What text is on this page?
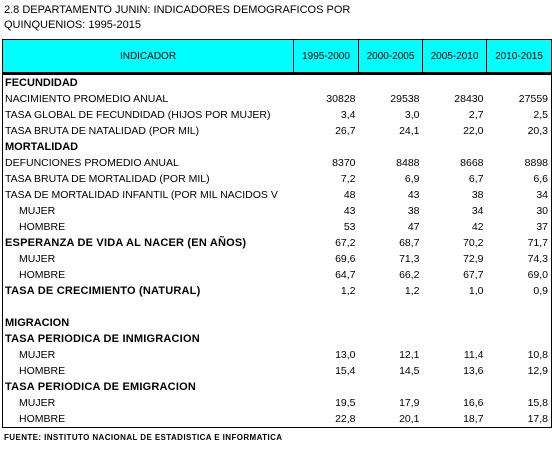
2.8 DEPARTAMENTO JUNIN: INDICADORES DEMOGRAFICOS POR
QUINQUENIOS: 1995-2015
INDICADOR	1995-2000	2000-2005	2005-2010	2010-2015
FECUNDIDAD				
NACIMIENTO PROMEDIO ANUAL	30828	29538	28430	27559
TASA GLOBAL DE FECUNDIDAD (HIJOS POR MUJER)	3,4	3,0	2,7	2,5
TASA BRUTA DE NATALIDAD (POR MIL)	26,7	24,1	22,0	20,3
MORTALIDAD				
DEFUNCIONES PROMEDIO ANUAL	8370	8488	8668	8898
TASA BRUTA DE MORTALIDAD (POR MIL)	7,2	6,9	6,7	6,6
TASA DE MORTALIDAD INFANTIL (POR MIL NACIDOS V	48	43	38	34
MUJER	43	38	34	30
HOMBRE	53	47	42	37
ESPERANZA DE VIDA AL NACER (EN AÑOS)	67,2	68,7	70,2	71,7
MUJER	69,6	71,3	72,9	74,3
HOMBRE	64,7	66,2	67,7	69,0
TASA DE CRECIMIENTO (NATURAL)	1,2	1,2	1,0	0,9

MIGRACION				
TASA PERIODICA DE INMIGRACION				
MUJER	13,0	12,1	11,4	10,8
HOMBRE	15,4	14,5	13,6	12,9
TASA PERIODICA DE EMIGRACION				
MUJER	19,5	17,9	16,6	15,8
HOMBRE	22,8	20,1	18,7	17,8
FUENTE: INSTITUTO NACIONAL DE ESTADISTICA E INFORMATICA
